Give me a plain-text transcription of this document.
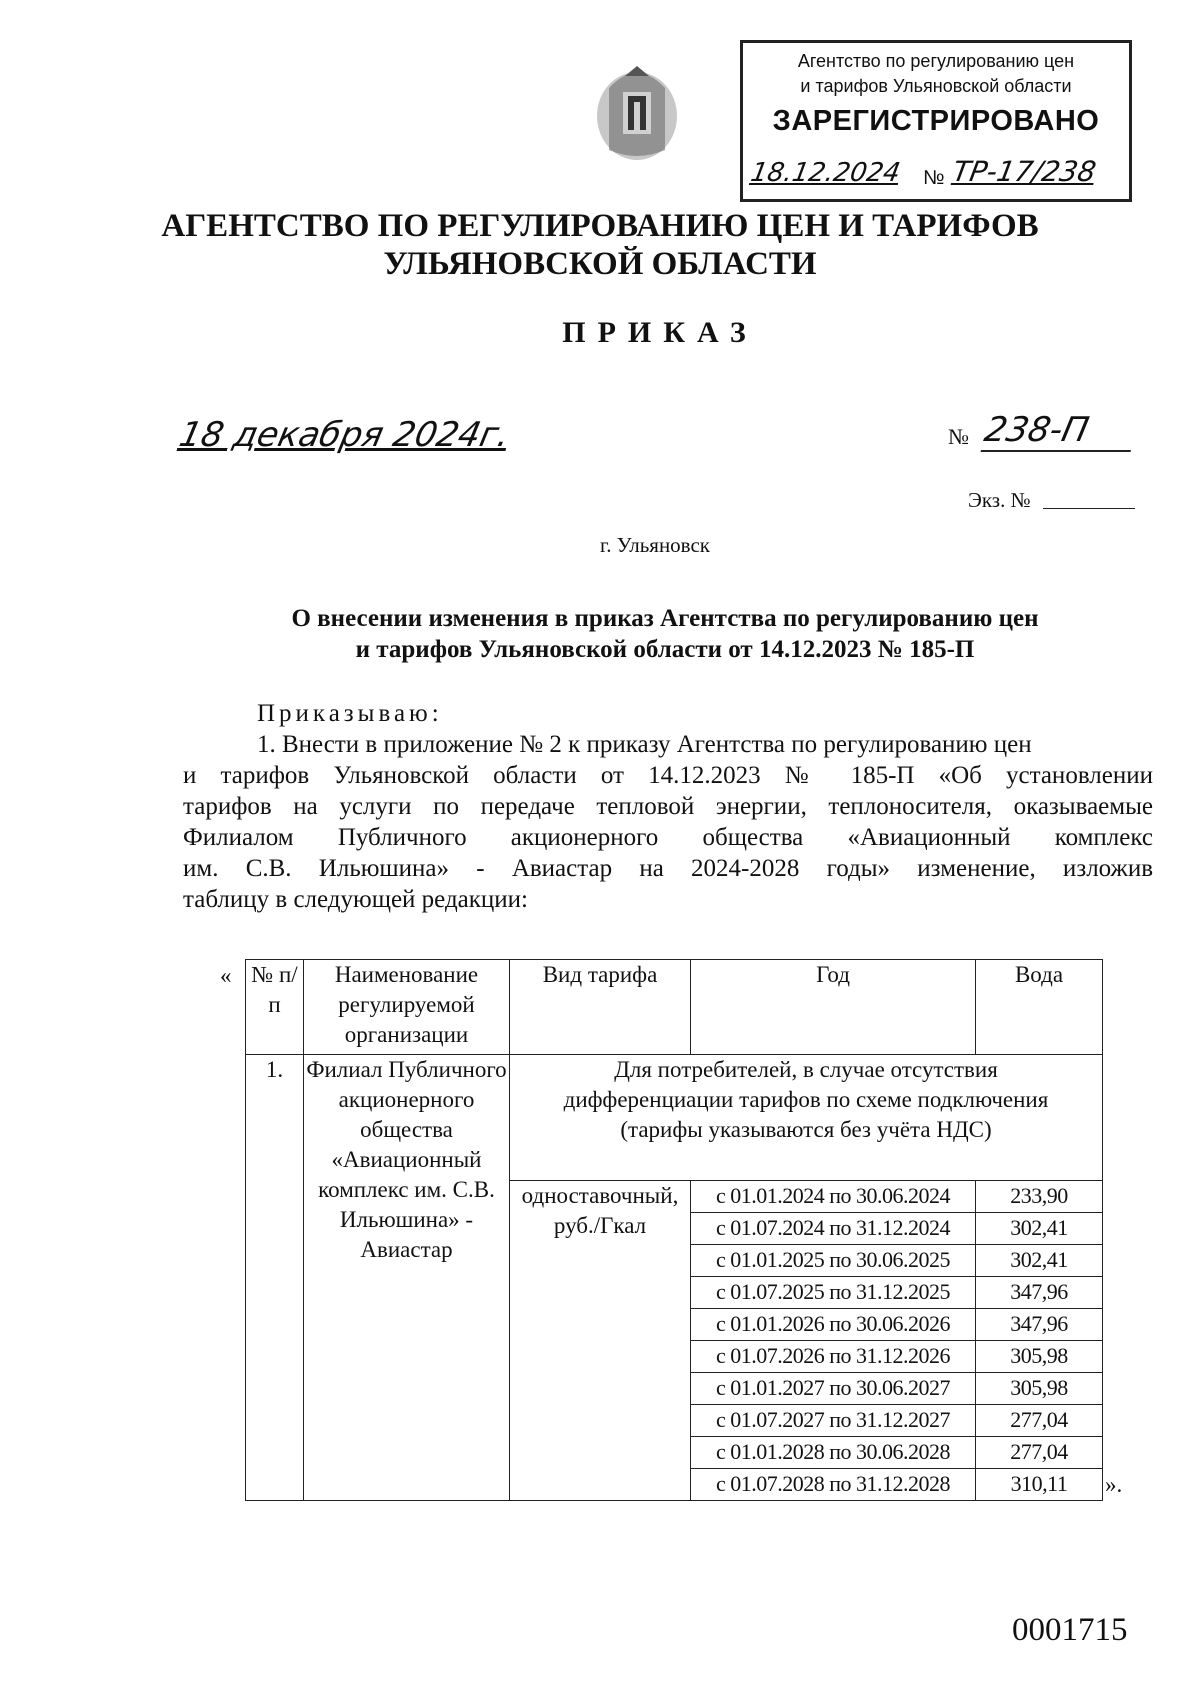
Агентство по регулированию цен
и тарифов Ульяновской области
ЗАРЕГИСТРИРОВАНО
18.12.2024 № ТР-17/238
АГЕНТСТВО ПО РЕГУЛИРОВАНИЮ ЦЕН И ТАРИФОВ
УЛЬЯНОВСКОЙ ОБЛАСТИ
ПРИКАЗ
18 декабря 2024г.	№ 238-П
Экз. №
г. Ульяновск
О внесении изменения в приказ Агентства по регулированию цен
и тарифов Ульяновской области от 14.12.2023 № 185-П
Приказываю:
1. Внести в приложение № 2 к приказу Агентства по регулированию цен
и тарифов Ульяновской области от 14.12.2023 № 185-П «Об установлении
тарифов на услуги по передаче тепловой энергии, теплоносителя, оказываемые
Филиалом Публичного акционерного общества «Авиационный комплекс
им. С.В. Ильюшина» - Авиастар на 2024-2028 годы» изменение, изложив
таблицу в следующей редакции:
« № п/п	Наименование регулируемой организации	Вид тарифа	Год	Вода
1.	Филиал Публичного акционерного общества «Авиационный комплекс им. С.В. Ильюшина» - Авиастар	Для потребителей, в случае отсутствия дифференциации тарифов по схеме подключения (тарифы указываются без учёта НДС)		
		одноставочный, руб./Гкал	с 01.01.2024 по 30.06.2024	233,90
			с 01.07.2024 по 31.12.2024	302,41
			с 01.01.2025 по 30.06.2025	302,41
			с 01.07.2025 по 31.12.2025	347,96
			с 01.01.2026 по 30.06.2026	347,96
			с 01.07.2026 по 31.12.2026	305,98
			с 01.01.2027 по 30.06.2027	305,98
			с 01.07.2027 по 31.12.2027	277,04
			с 01.01.2028 по 30.06.2028	277,04
			с 01.07.2028 по 31.12.2028	310,11 ».
0001715
